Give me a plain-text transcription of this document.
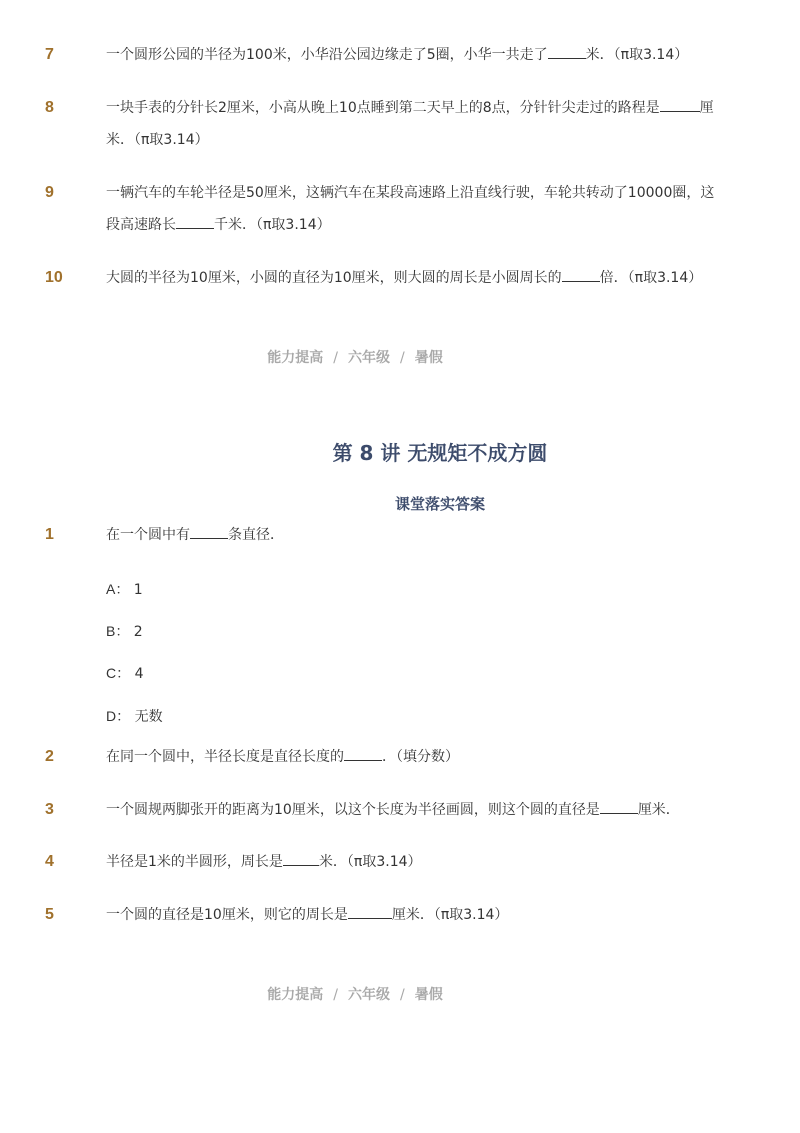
7	一个圆形公园的半径为100米，小华沿公园边缘走了5圈，小华一共走了	米．（π取3.14）
8	一块手表的分针长2厘米，小高从晚上10点睡到第二天早上的8点，分针针尖走过的路程是	厘米．（π取3.14）
9	一辆汽车的车轮半径是50厘米，这辆汽车在某段高速路上沿直线行驶，车轮共转动了10000圈，这段高速路长	千米．（π取3.14）
10	大圆的半径为10厘米，小圆的直径为10厘米，则大圆的周长是小圆周长的	倍．（π取3.14）
能力提高 / 六年级 / 暑假
第 8 讲 无规矩不成方圆
课堂落实答案
1	在一个圆中有	条直径．
A： 1
B： 2
C： 4
D： 无数
2	在同一个圆中，半径长度是直径长度的	．（填分数）
3	一个圆规两脚张开的距离为10厘米，以这个长度为半径画圆，则这个圆的直径是	厘米．
4	半径是1米的半圆形，周长是	米．（π取3.14）
5	一个圆的直径是10厘米，则它的周长是	厘米．（π取3.14）
能力提高 / 六年级 / 暑假
